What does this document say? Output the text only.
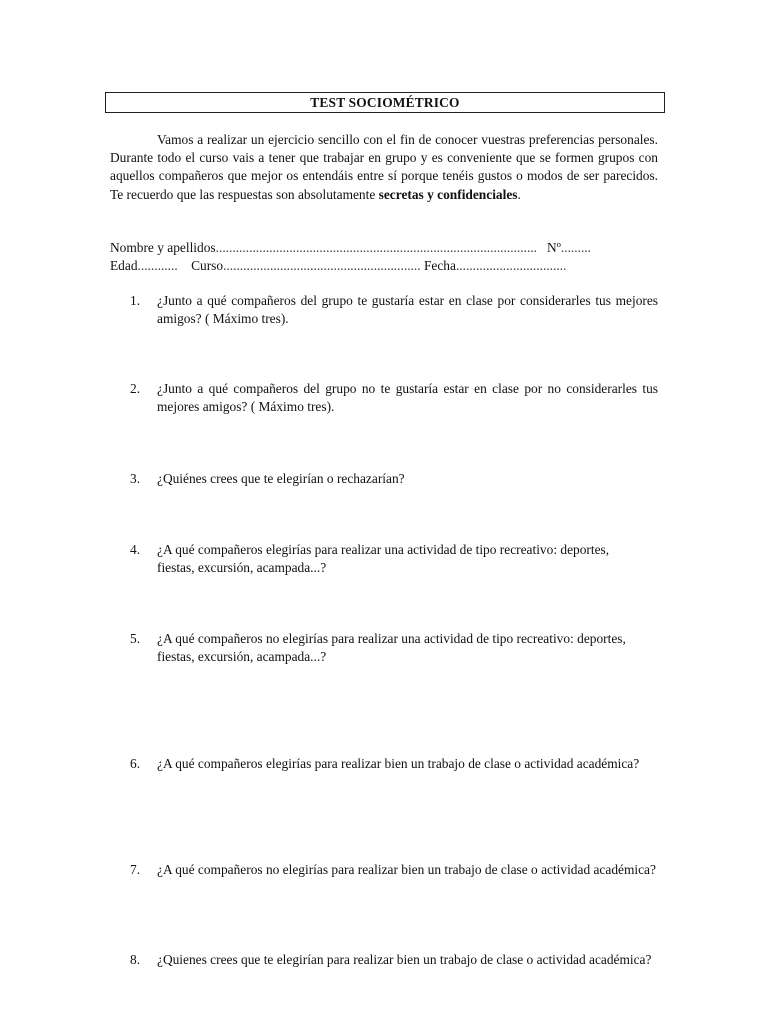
TEST SOCIOMÉTRICO
Vamos a realizar un ejercicio sencillo con el fin de conocer vuestras preferencias personales. Durante todo el curso vais a tener que trabajar en grupo y es conveniente que se formen grupos con aquellos compañeros que mejor os entendáis entre sí porque tenéis gustos o modos de ser parecidos. Te recuerdo que las respuestas son absolutamente secretas y confidenciales.
Nombre y apellidos................................................................................................ Nº.........
Edad............ Curso........................................................... Fecha.................................
1.	¿Junto a qué compañeros del grupo te gustaría estar en clase por considerarles tus mejores amigos? ( Máximo tres).
2.	¿Junto a qué compañeros del grupo no te gustaría estar en clase por no considerarles tus mejores amigos? ( Máximo tres).
3.	¿Quiénes crees que te elegirían o rechazarían?
4.	¿A qué compañeros elegirías para realizar una actividad de tipo recreativo: deportes, fiestas, excursión, acampada...?
5.	¿A qué compañeros no elegirías para realizar una actividad de tipo recreativo: deportes, fiestas, excursión, acampada...?
6.	¿A qué compañeros elegirías para realizar bien un trabajo de clase o actividad académica?
7.	¿A qué compañeros no elegirías para realizar bien un trabajo de clase o actividad académica?
8.	¿Quienes crees que te elegirían para realizar bien un trabajo de clase o actividad académica?
